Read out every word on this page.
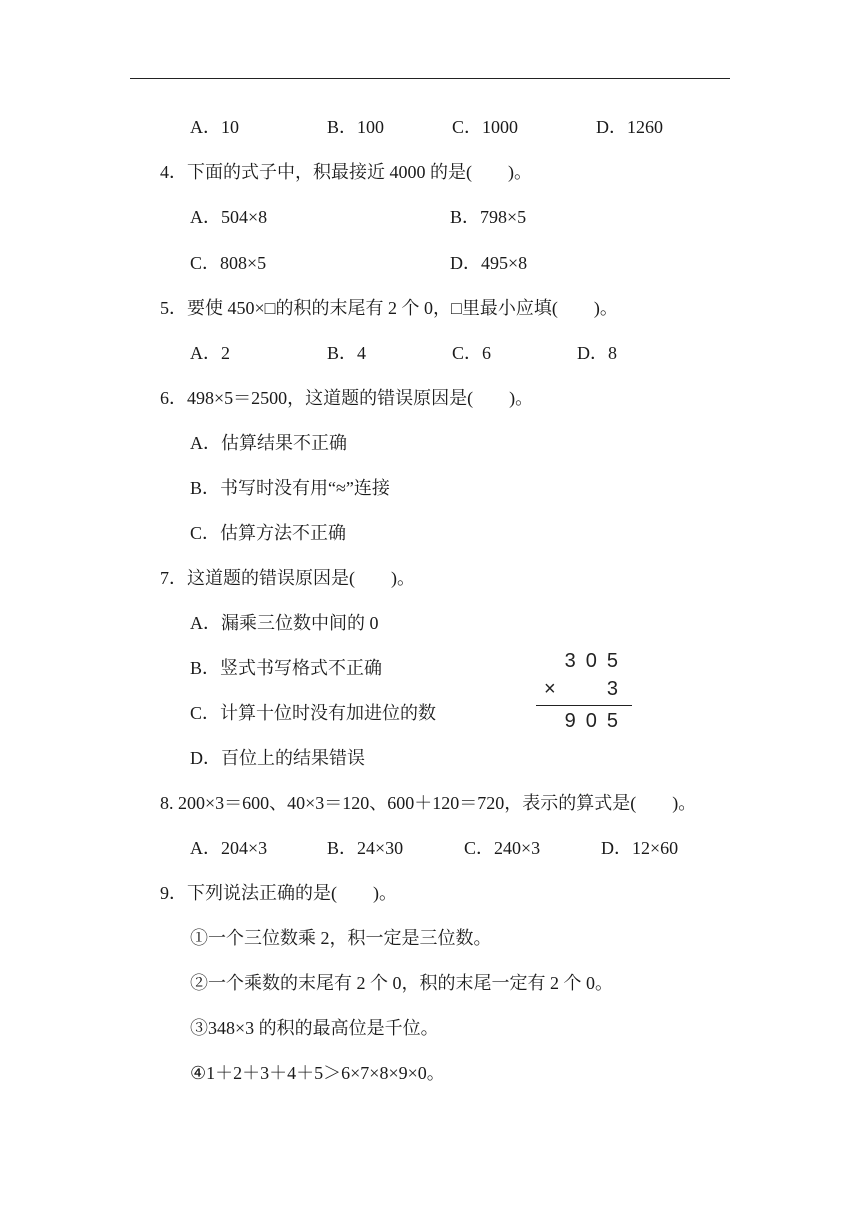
A．10	B．100	C．1000	D．1260
4．下面的式子中，积最接近 4000 的是(　　)。
A．504×8	B．798×5
C．808×5	D．495×8
5．要使 450×□的积的末尾有 2 个 0，□里最小应填(　　)。
A．2	B．4	C．6	D．8
6．498×5＝2500，这道题的错误原因是(　　)。
A．估算结果不正确
B．书写时没有用“≈”连接
C．估算方法不正确
7．这道题的错误原因是(　　)。
A．漏乘三位数中间的 0
B．竖式书写格式不正确
C．计算十位时没有加进位的数
D．百位上的结果错误
305
×	3
905
8. 200×3＝600、40×3＝120、600＋120＝720，表示的算式是(　　)。
A．204×3	B．24×30	C．240×3	D．12×60
9．下列说法正确的是(　　)。
①一个三位数乘 2，积一定是三位数。
②一个乘数的末尾有 2 个 0，积的末尾一定有 2 个 0。
③348×3 的积的最高位是千位。
④1＋2＋3＋4＋5＞6×7×8×9×0。
